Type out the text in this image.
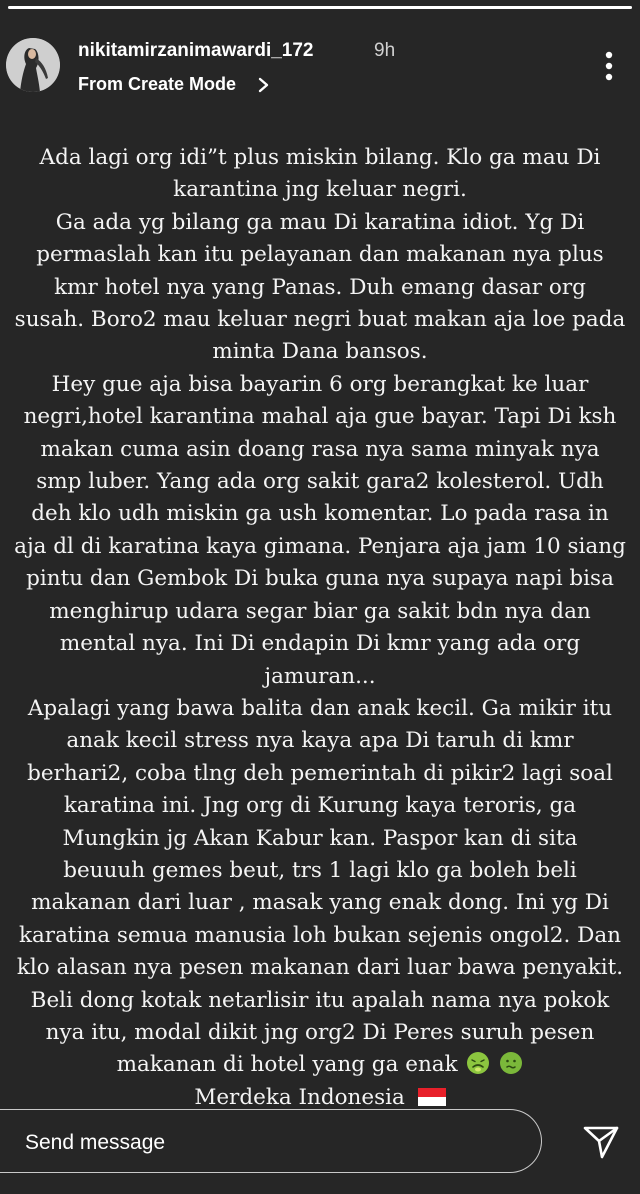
nikitamirzanimawardi_172	9h
From Create Mode
Ada lagi org idi”t plus miskin bilang. Klo ga mau Di
karantina jng keluar negri.
Ga ada yg bilang ga mau Di karatina idiot. Yg Di
permaslah kan itu pelayanan dan makanan nya plus
kmr hotel nya yang Panas. Duh emang dasar org
susah. Boro2 mau keluar negri buat makan aja loe pada
minta Dana bansos.
Hey gue aja bisa bayarin 6 org berangkat ke luar
negri,hotel karantina mahal aja gue bayar. Tapi Di ksh
makan cuma asin doang rasa nya sama minyak nya
smp luber. Yang ada org sakit gara2 kolesterol. Udh
deh klo udh miskin ga ush komentar. Lo pada rasa in
aja dl di karatina kaya gimana. Penjara aja jam 10 siang
pintu dan Gembok Di buka guna nya supaya napi bisa
menghirup udara segar biar ga sakit bdn nya dan
mental nya. Ini Di endapin Di kmr yang ada org
jamuran...
Apalagi yang bawa balita dan anak kecil. Ga mikir itu
anak kecil stress nya kaya apa Di taruh di kmr
berhari2, coba tlng deh pemerintah di pikir2 lagi soal
karatina ini. Jng org di Kurung kaya teroris, ga
Mungkin jg Akan Kabur kan. Paspor kan di sita
beuuuh gemes beut, trs 1 lagi klo ga boleh beli
makanan dari luar , masak yang enak dong. Ini yg Di
karatina semua manusia loh bukan sejenis ongol2. Dan
klo alasan nya pesen makanan dari luar bawa penyakit.
Beli dong kotak netarlisir itu apalah nama nya pokok
nya itu, modal dikit jng org2 Di Peres suruh pesen
makanan di hotel yang ga enak
Merdeka Indonesia
Send message
